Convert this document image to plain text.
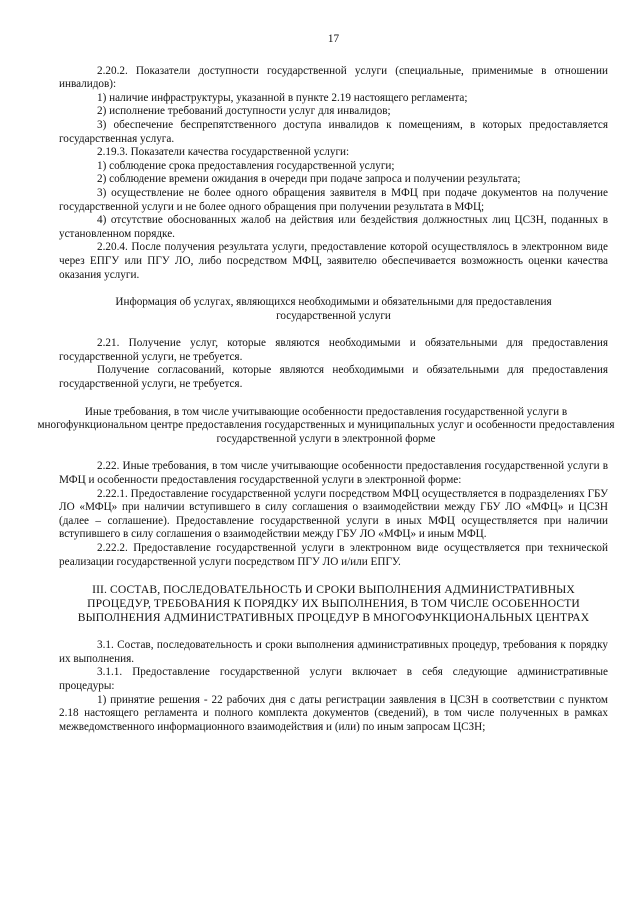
17

2.20.2. Показатели доступности государственной услуги (специальные, применимые в отношении инвалидов):

1) наличие инфраструктуры, указанной в пункте 2.19 настоящего регламента;

2) исполнение требований доступности услуг для инвалидов;

3) обеспечение беспрепятственного доступа инвалидов к помещениям, в которых предоставляется государственная услуга.

2.19.3. Показатели качества государственной услуги:

1) соблюдение срока предоставления государственной услуги;

2) соблюдение времени ожидания в очереди при подаче запроса и получении результата;

3) осуществление не более одного обращения заявителя в МФЦ при подаче документов на получение государственной услуги и не более одного обращения при получении результата в МФЦ;

4) отсутствие обоснованных жалоб на действия или бездействия должностных лиц ЦСЗН, поданных в установленном порядке.

2.20.4. После получения результата услуги, предоставление которой осуществлялось в электронном виде через ЕПГУ или ПГУ ЛО, либо посредством МФЦ, заявителю обеспечивается возможность оценки качества оказания услуги.

Информация об услугах, являющихся необходимыми и обязательными для предоставления государственной услуги

2.21. Получение услуг, которые являются необходимыми и обязательными для предоставления государственной услуги, не требуется.

Получение согласований, которые являются необходимыми и обязательными для предоставления государственной услуги, не требуется.

Иные требования, в том числе учитывающие особенности предоставления государственной услуги в многофункциональном центре предоставления государственных и муниципальных услуг и особенности предоставления государственной услуги в электронной форме

2.22. Иные требования, в том числе учитывающие особенности предоставления государственной услуги в МФЦ и особенности предоставления государственной услуги в электронной форме:

2.22.1. Предоставление государственной услуги посредством МФЦ осуществляется в подразделениях ГБУ ЛО «МФЦ» при наличии вступившего в силу соглашения о взаимодействии между ГБУ ЛО «МФЦ» и ЦСЗН (далее – соглашение). Предоставление государственной услуги в иных МФЦ осуществляется при наличии вступившего в силу соглашения о взаимодействии между ГБУ ЛО «МФЦ» и иным МФЦ.

2.22.2. Предоставление государственной услуги в электронном виде осуществляется при технической реализации государственной услуги посредством ПГУ ЛО и/или ЕПГУ.

III. СОСТАВ, ПОСЛЕДОВАТЕЛЬНОСТЬ И СРОКИ ВЫПОЛНЕНИЯ АДМИНИСТРАТИВНЫХ ПРОЦЕДУР, ТРЕБОВАНИЯ К ПОРЯДКУ ИХ ВЫПОЛНЕНИЯ, В ТОМ ЧИСЛЕ ОСОБЕННОСТИ ВЫПОЛНЕНИЯ АДМИНИСТРАТИВНЫХ ПРОЦЕДУР В МНОГОФУНКЦИОНАЛЬНЫХ ЦЕНТРАХ

3.1. Состав, последовательность и сроки выполнения административных процедур, требования к порядку их выполнения.

3.1.1. Предоставление государственной услуги включает в себя следующие административные процедуры:

1) принятие решения - 22 рабочих дня с даты регистрации заявления в ЦСЗН в соответствии с пунктом 2.18 настоящего регламента и полного комплекта документов (сведений), в том числе полученных в рамках межведомственного информационного взаимодействия и (или) по иным запросам ЦСЗН;
